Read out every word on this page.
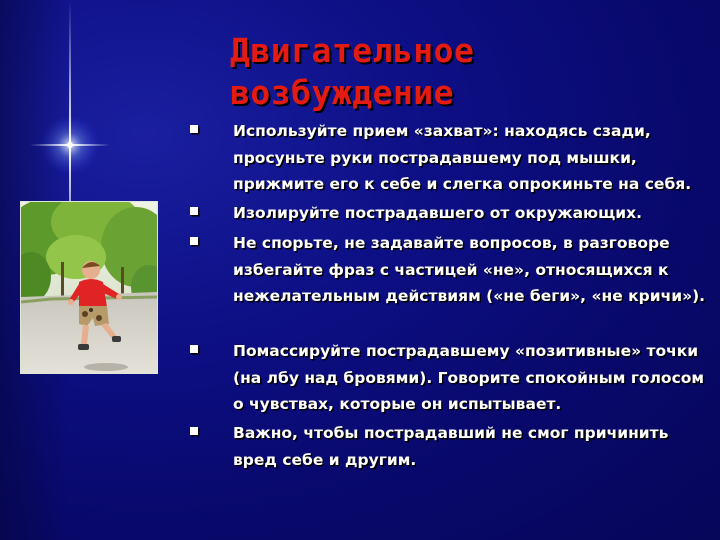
Двигательное
возбуждение
Используйте прием «захват»: находясь сзади, просуньте руки пострадавшему под мышки, прижмите его к себе и слегка опрокиньте на себя.
Изолируйте пострадавшего от окружающих.
Не спорьте, не задавайте вопросов, в разговоре избегайте фраз с частицей «не», относящихся к нежелательным действиям («не беги», «не кричи»).
Помассируйте пострадавшему «позитивные» точки (на лбу над бровями). Говорите спокойным голосом о чувствах, которые он испытывает.
Важно, чтобы пострадавший не смог причинить вред себе и другим.
